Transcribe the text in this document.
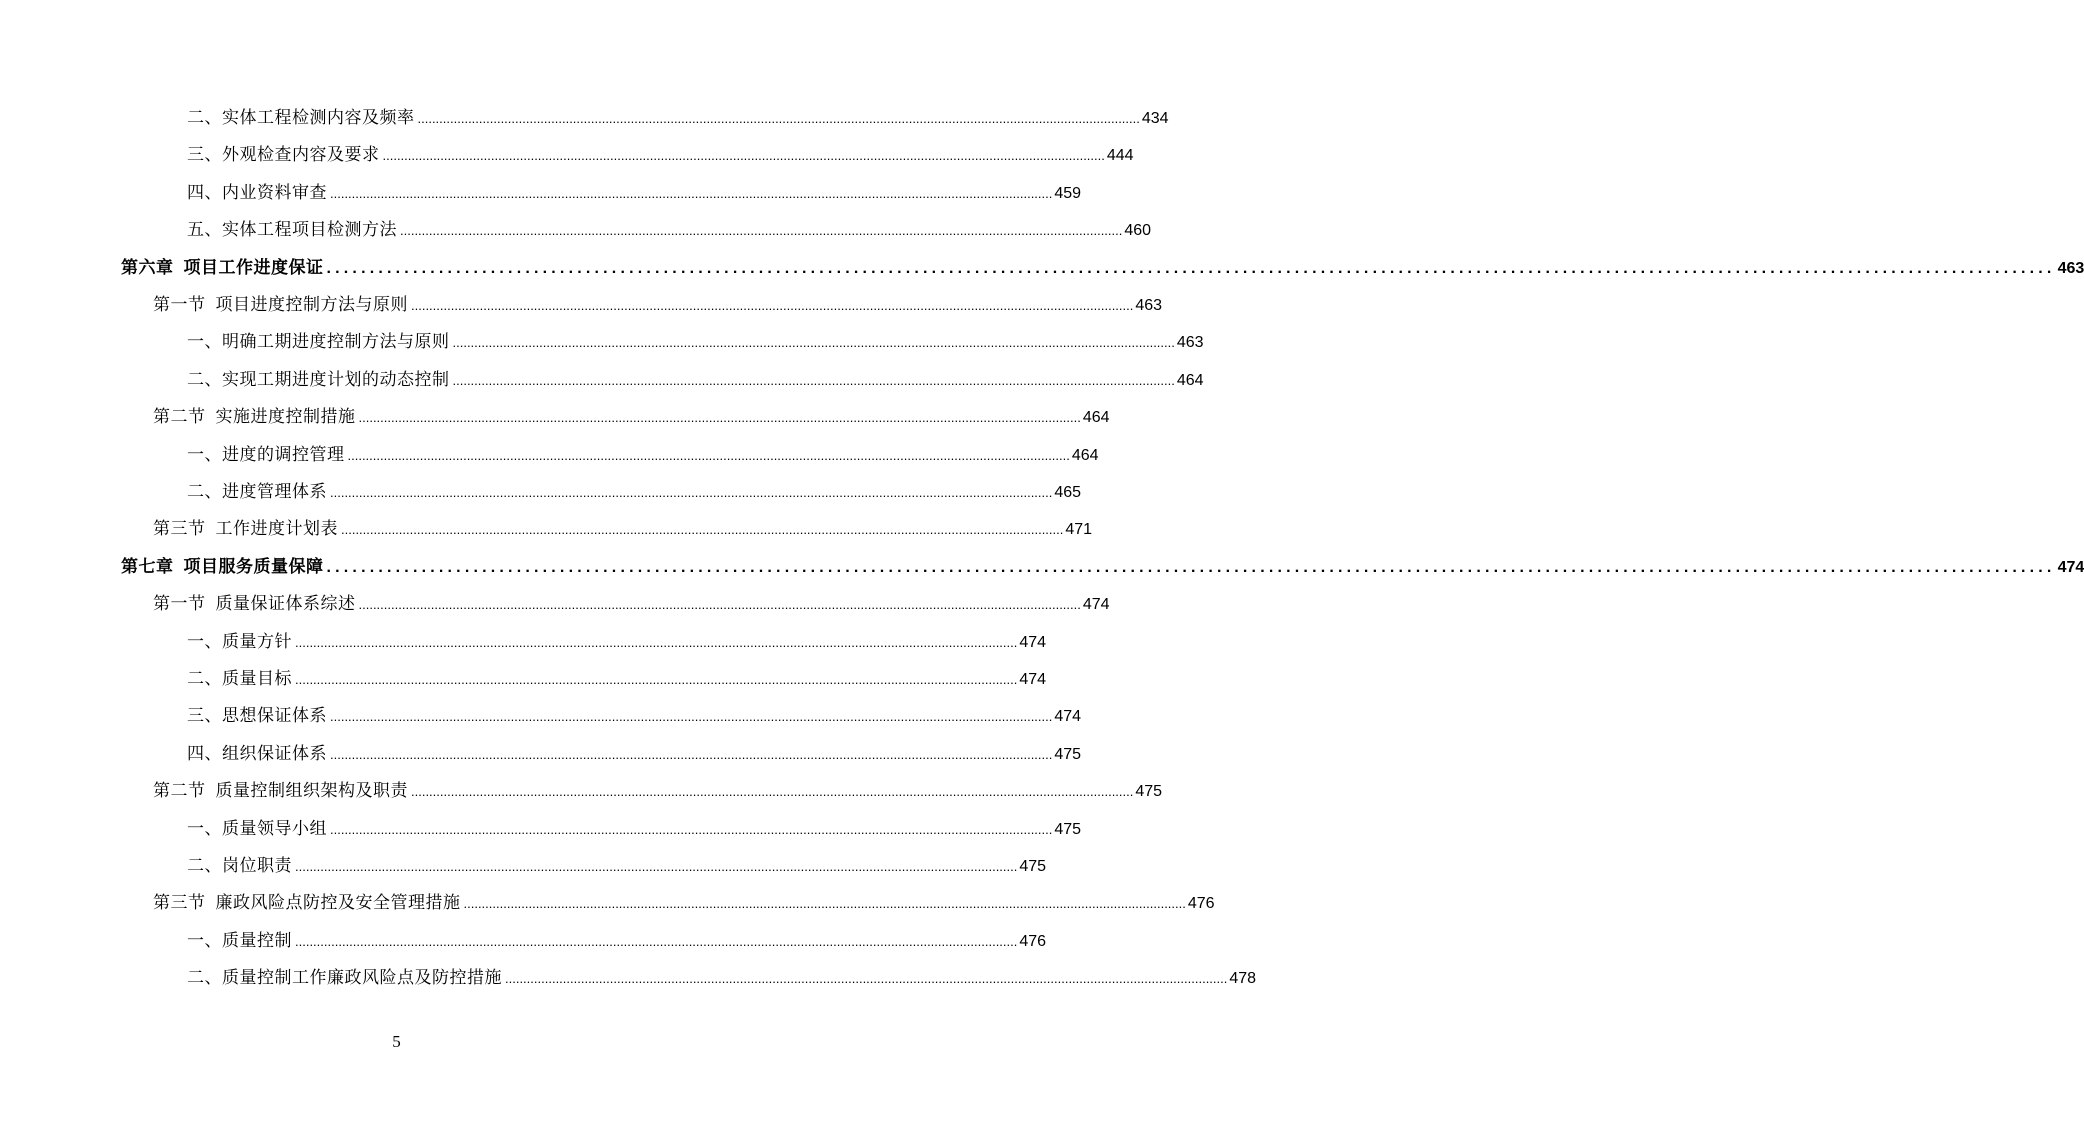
二、实体工程检测内容及频率 ........................................................................................................................................................................................................ 434
三、外观检查内容及要求 ........................................................................................................................................................................................................ 444
四、内业资料审查 ........................................................................................................................................................................................................ 459
五、实体工程项目检测方法 ........................................................................................................................................................................................................ 460
第六章 项目工作进度保证 ........................................................................................................................................................................................................ 463
第一节 项目进度控制方法与原则 ........................................................................................................................................................................................................ 463
一、明确工期进度控制方法与原则 ........................................................................................................................................................................................................ 463
二、实现工期进度计划的动态控制 ........................................................................................................................................................................................................ 464
第二节 实施进度控制措施 ........................................................................................................................................................................................................ 464
一、进度的调控管理 ........................................................................................................................................................................................................ 464
二、进度管理体系 ........................................................................................................................................................................................................ 465
第三节 工作进度计划表 ........................................................................................................................................................................................................ 471
第七章 项目服务质量保障 ........................................................................................................................................................................................................ 474
第一节 质量保证体系综述 ........................................................................................................................................................................................................ 474
一、质量方针 ........................................................................................................................................................................................................ 474
二、质量目标 ........................................................................................................................................................................................................ 474
三、思想保证体系 ........................................................................................................................................................................................................ 474
四、组织保证体系 ........................................................................................................................................................................................................ 475
第二节 质量控制组织架构及职责 ........................................................................................................................................................................................................ 475
一、质量领导小组 ........................................................................................................................................................................................................ 475
二、岗位职责 ........................................................................................................................................................................................................ 475
第三节 廉政风险点防控及安全管理措施 ........................................................................................................................................................................................................ 476
一、质量控制 ........................................................................................................................................................................................................ 476
二、质量控制工作廉政风险点及防控措施 ........................................................................................................................................................................................................ 478
5
